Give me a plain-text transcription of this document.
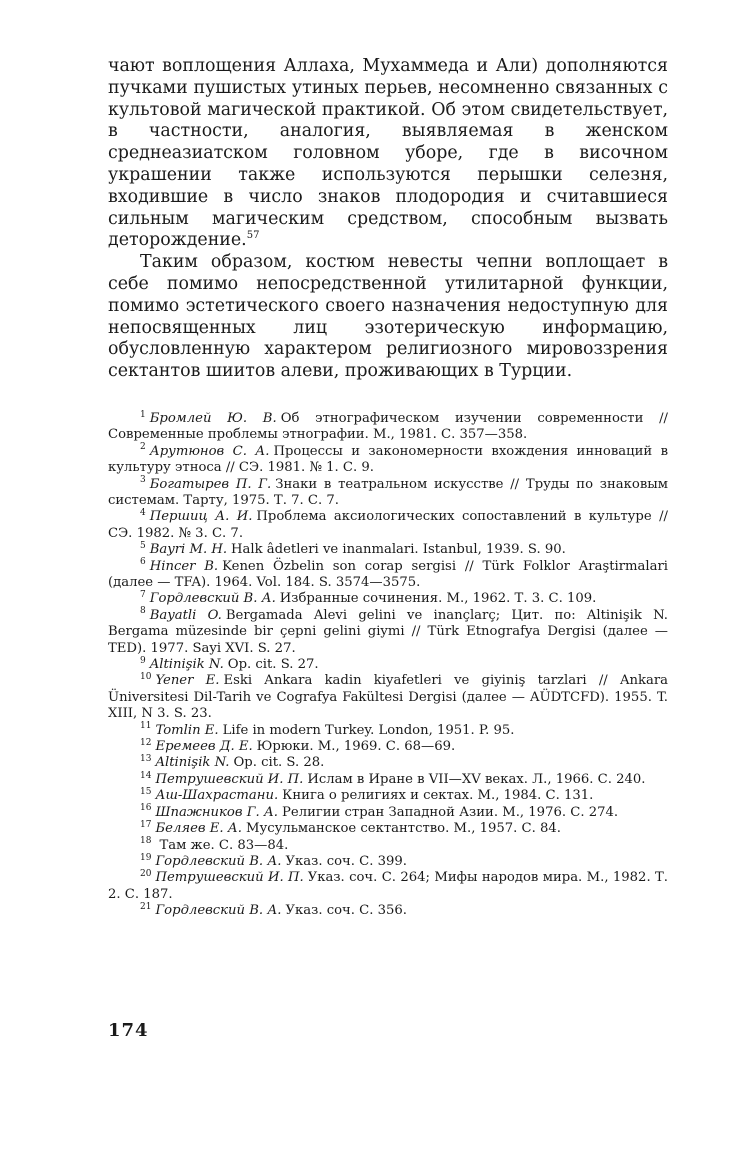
чают воплощения Аллаха, Мухаммеда и Али) дополняются пучками пушистых утиных перьев, несомненно связанных с культовой магической практикой. Об этом свидетельствует, в частности, аналогия, выявляемая в женском среднеазиатском головном уборе, где в височном украшении также используются перышки селезня, входившие в число знаков плодородия и считавшиеся сильным магическим средством, способным вызвать деторождение.$^{57}$

Таким образом, костюм невесты чепни воплощает в себе помимо непосредственной утилитарной функции, помимо эстетического своего назначения недоступную для непосвященных лиц эзотерическую информацию, обусловленную характером религиозного мировоззрения сектантов шиитов алеви, проживающих в Турции.

$^1$ Бромлей Ю. В. Об этнографическом изучении современности // Современные проблемы этнографии. М., 1981. С. 357—358.

$^2$ Арутюнов С. А. Процессы и закономерности вхождения инноваций в культуру этноса // СЭ. 1981. № 1. С. 9.

$^3$ Богатырев П. Г. Знаки в театральном искусстве // Труды по знаковым системам. Тарту, 1975. Т. 7. С. 7.

$^4$ Першиц А. И. Проблема аксиологических сопоставлений в культуре // СЭ. 1982. № 3. С. 7.

$^5$ Bayri M. H. Halk âdetleri ve inanmalari. Istanbul, 1939. S. 90.

$^6$ Hincer B. Kenen Özbelin son corap sergisi // Türk Folklor Araştirmalari (далее — TFA). 1964. Vol. 184. S. 3574—3575.

$^7$ Гордлевский В. А. Избранные сочинения. М., 1962. Т. 3. С. 109.

$^8$ Bayatli O. Bergamada Alevi gelini ve inançlarç; Цит. по: Altinişik N. Bergama müzesinde bir çepni gelini giymi // Türk Etnografya Dergisi (далее — TED). 1977. Sayi XVI. S. 27.

$^9$ Altinişik N. Op. cit. S. 27.

$^{10}$ Yener E. Eski Ankara kadin kiyafetleri ve giyiniş tarzlari // Ankara Üniversitesi Dil-Tarih ve Cografya Fakültesi Dergisi (далее — AÜDTCFD). 1955. T. XIII, N 3. S. 23.

$^{11}$ Tomlin E. Life in modern Turkey. London, 1951. P. 95.

$^{12}$ Еремеев Д. Е. Юрюки. М., 1969. С. 68—69.

$^{13}$ Altinişik N. Op. cit. S. 28.

$^{14}$ Петрушевский И. П. Ислам в Иране в VII—XV веках. Л., 1966. С. 240.

$^{15}$ Аш-Шахрастани. Книга о религиях и сектах. М., 1984. С. 131.

$^{16}$ Шпажников Г. А. Религии стран Западной Азии. М., 1976. С. 274.

$^{17}$ Беляев Е. А. Мусульманское сектантство. М., 1957. С. 84.

$^{18}$ Там же. С. 83—84.

$^{19}$ Гордлевский В. А. Указ. соч. С. 399.

$^{20}$ Петрушевский И. П. Указ. соч. С. 264; Мифы народов мира. М., 1982. Т. 2. С. 187.

$^{21}$ Гордлевский В. А. Указ. соч. С. 356.

174
